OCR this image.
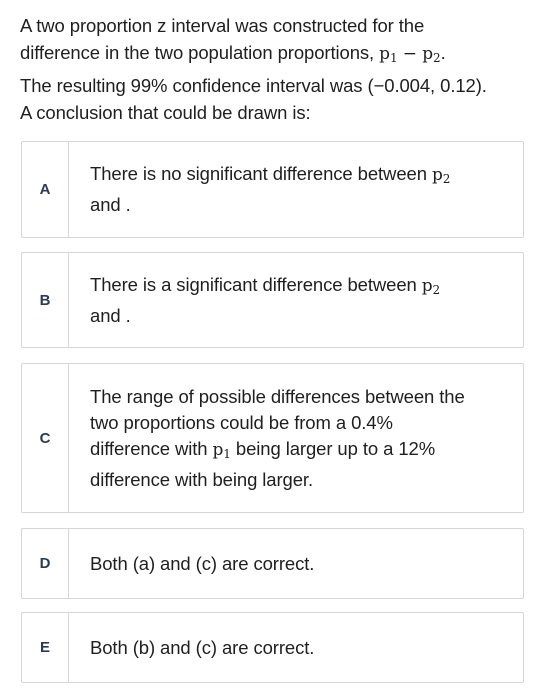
A two proportion z interval was constructed for the
difference in the two population proportions, $p_1 - p_2$.
The resulting 99% confidence interval was (−0.004, 0.12).
A conclusion that could be drawn is:
A
There is no significant difference between $p_2$
and .
B
There is a significant difference between $p_2$
and .
C
The range of possible differences between the
two proportions could be from a 0.4%
difference with $p_1$ being larger up to a 12%
difference with being larger.
D	Both (a) and (c) are correct.
E	Both (b) and (c) are correct.
